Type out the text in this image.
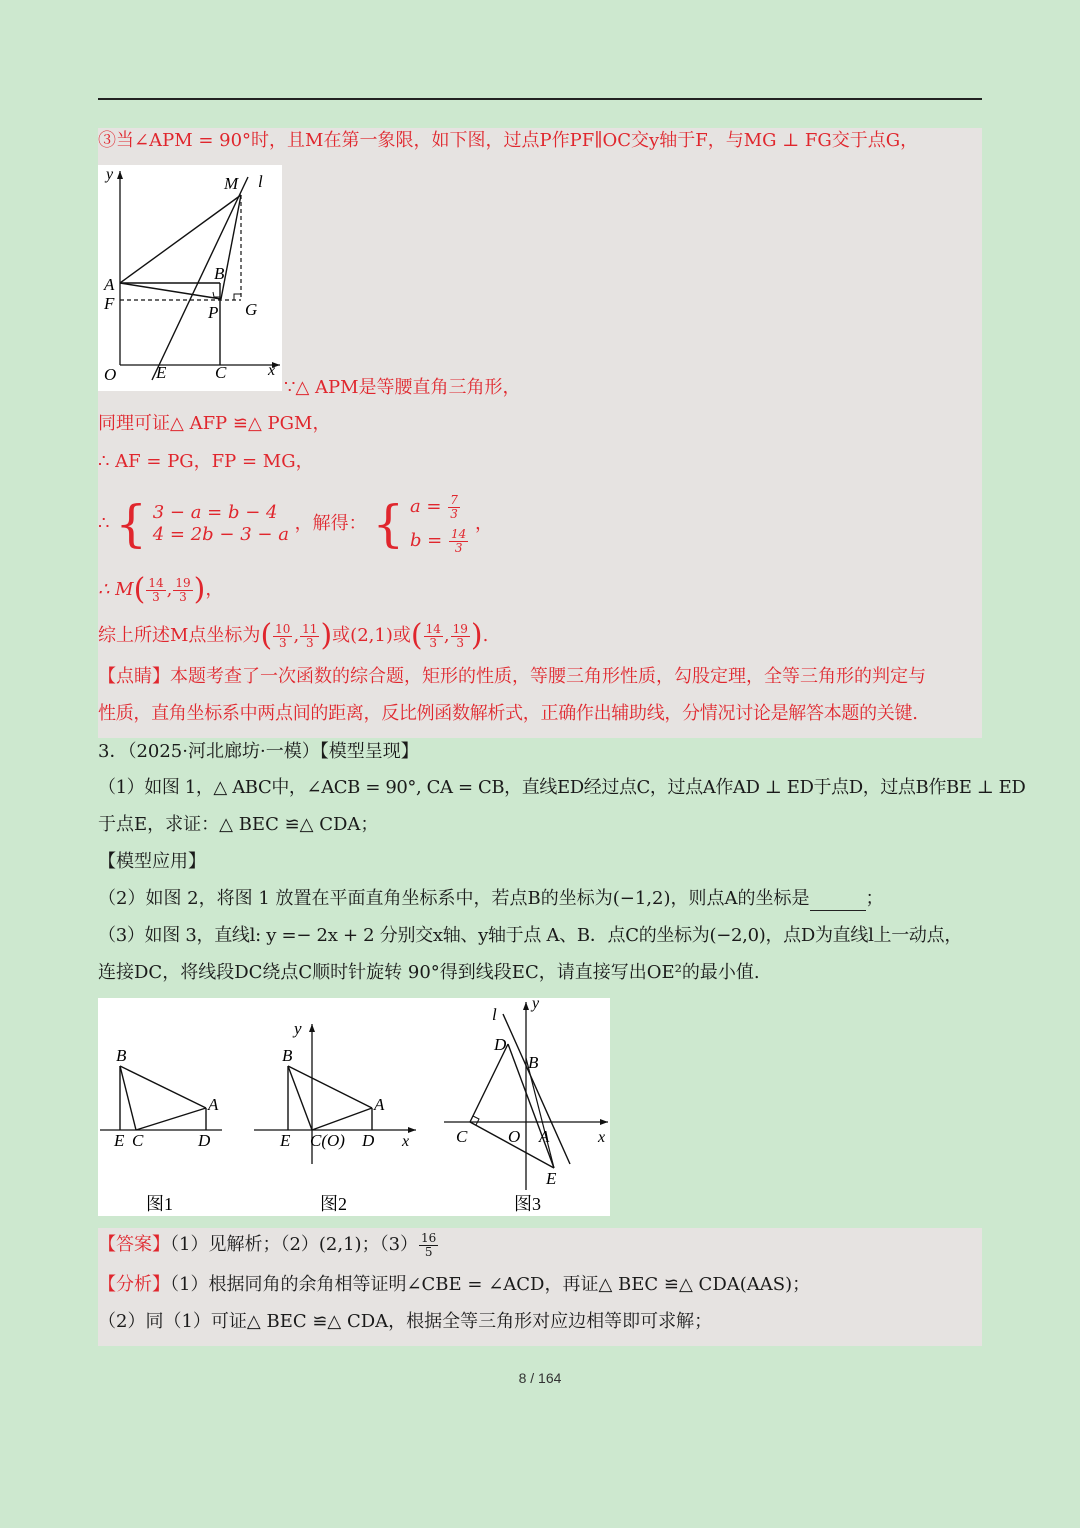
③当∠APM = 90°时，且M在第一象限，如下图，过点P作PF∥OC交y轴于F，与MG ⊥ FG交于点G，
y	M l
A
B
F	P G
O E	C	x
∵△ APM是等腰直角三角形，
同理可证△ AFP ≌△ PGM，
∴ AF = PG，FP = MG，
∴ { 3 − a = b − 4
4 = 2b − 3 − a
，解得： { $a = \frac{7}{3}$
$b = \frac{14}{3}$
，
∴ $M( \frac{14}{3}$ , $\frac{19}{3}$ )，
综上所述M点坐标为( $\frac{10}{3}$ , $\frac{11}{3}$ )或(2,1)或( $\frac{14}{3}$ , $\frac{19}{3}$ ).
【点睛】本题考查了一次函数的综合题，矩形的性质，等腰三角形性质，勾股定理，全等三角形的判定与
性质，直角坐标系中两点间的距离，反比例函数解析式，正确作出辅助线，分情况讨论是解答本题的关键.
3．（2025·河北廊坊·一模）【模型呈现】
（1）如图 1，△ ABC中，∠ACB = 90°, CA = CB，直线ED经过点C，过点A作AD ⊥ ED于点D，过点B作BE ⊥ ED
于点E，求证：△ BEC ≌△ CDA；
【模型应用】
（2）如图 2，将图 1 放置在平面直角坐标系中，若点B的坐标为(−1,2)，则点A的坐标是	；
（3）如图 3，直线l: y =− 2x + 2 分别交x轴、y轴于点 A、B．点C的坐标为(−2,0)，点D为直线l上一动点，
连接DC，将线段DC绕点C顺时针旋转 90°得到线段EC，请直接写出OE²的最小值.
B
A
E C	D
图1
y
B
A
E C(O) D x
图2
l
y
D
B
C O A	x
E
图3
【答案】（1）见解析；（2）(2,1)；$(3) \frac{16}{5}$
【分析】（1）根据同角的余角相等证明∠CBE = ∠ACD，再证△ BEC ≌△ CDA(AAS)；
（2）同（1）可证△ BEC ≌△ CDA，根据全等三角形对应边相等即可求解；
8 / 164
